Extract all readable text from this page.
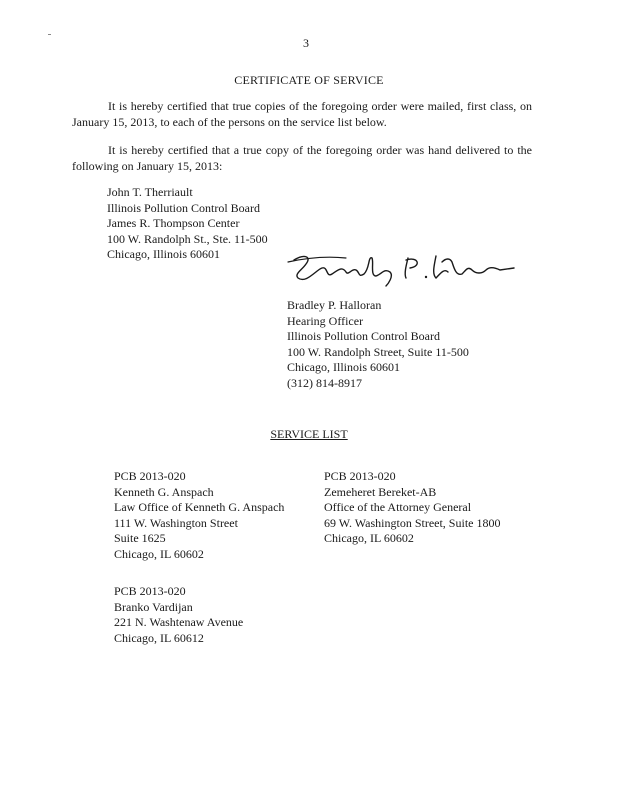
3
CERTIFICATE OF SERVICE
It is hereby certified that true copies of the foregoing order were mailed, first class, on January 15, 2013, to each of the persons on the service list below.
It is hereby certified that a true copy of the foregoing order was hand delivered to the following on January 15, 2013:
John T. Therriault
Illinois Pollution Control Board
James R. Thompson Center
100 W. Randolph St., Ste. 11-500
Chicago, Illinois 60601
Bradley P. Halloran
Hearing Officer
Illinois Pollution Control Board
100 W. Randolph Street, Suite 11-500
Chicago, Illinois 60601
(312) 814-8917
SERVICE LIST
PCB 2013-020
Kenneth G. Anspach
Law Office of Kenneth G. Anspach
111 W. Washington Street
Suite 1625
Chicago, IL 60602
PCB 2013-020
Zemeheret Bereket-AB
Office of the Attorney General
69 W. Washington Street, Suite 1800
Chicago, IL 60602
PCB 2013-020
Branko Vardijan
221 N. Washtenaw Avenue
Chicago, IL 60612
